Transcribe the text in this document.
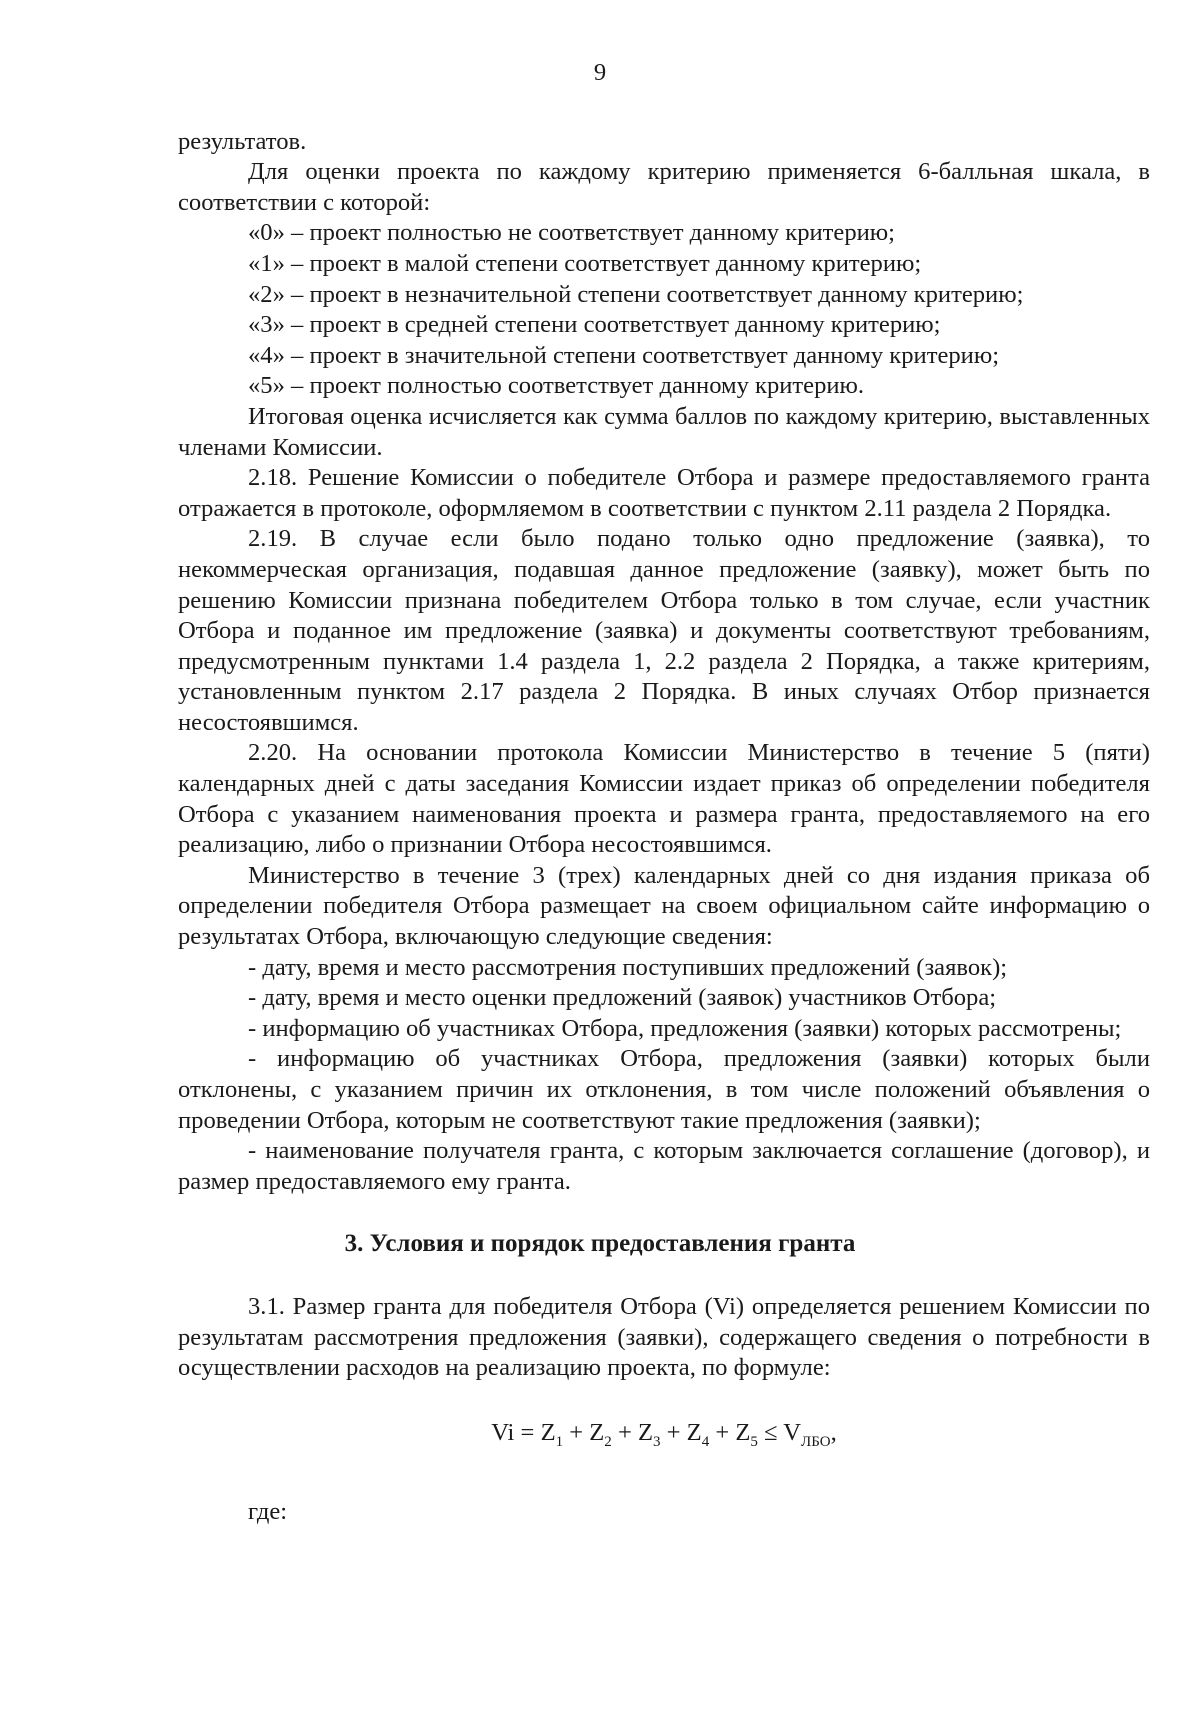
9

результатов.

Для оценки проекта по каждому критерию применяется 6-балльная шкала, в соответствии с которой:

«0» – проект полностью не соответствует данному критерию;

«1» – проект в малой степени соответствует данному критерию;

«2» – проект в незначительной степени соответствует данному критерию;

«3» – проект в средней степени соответствует данному критерию;

«4» – проект в значительной степени соответствует данному критерию;

«5» – проект полностью соответствует данному критерию.

Итоговая оценка исчисляется как сумма баллов по каждому критерию, выставленных членами Комиссии.

2.18. Решение Комиссии о победителе Отбора и размере предоставляемого гранта отражается в протоколе, оформляемом в соответствии с пунктом 2.11 раздела 2 Порядка.

2.19. В случае если было подано только одно предложение (заявка), то некоммерческая организация, подавшая данное предложение (заявку), может быть по решению Комиссии признана победителем Отбора только в том случае, если участник Отбора и поданное им предложение (заявка) и документы соответствуют требованиям, предусмотренным пунктами 1.4 раздела 1, 2.2 раздела 2 Порядка, а также критериям, установленным пунктом 2.17 раздела 2 Порядка. В иных случаях Отбор признается несостоявшимся.

2.20. На основании протокола Комиссии Министерство в течение 5 (пяти) календарных дней с даты заседания Комиссии издает приказ об определении победителя Отбора с указанием наименования проекта и размера гранта, предоставляемого на его реализацию, либо о признании Отбора несостоявшимся.

Министерство в течение 3 (трех) календарных дней со дня издания приказа об определении победителя Отбора размещает на своем официальном сайте информацию о результатах Отбора, включающую следующие сведения:

- дату, время и место рассмотрения поступивших предложений (заявок);

- дату, время и место оценки предложений (заявок) участников Отбора;

- информацию об участниках Отбора, предложения (заявки) которых рассмотрены;

- информацию об участниках Отбора, предложения (заявки) которых были отклонены, с указанием причин их отклонения, в том числе положений объявления о проведении Отбора, которым не соответствуют такие предложения (заявки);

- наименование получателя гранта, с которым заключается соглашение (договор), и размер предоставляемого ему гранта.

3. Условия и порядок предоставления гранта

3.1. Размер гранта для победителя Отбора (Vi) определяется решением Комиссии по результатам рассмотрения предложения (заявки), содержащего сведения о потребности в осуществлении расходов на реализацию проекта, по формуле:

$Vi = Z_1 + Z_2 + Z_3 + Z_4 + Z_5 \le V_{ЛБО}$,

где:
